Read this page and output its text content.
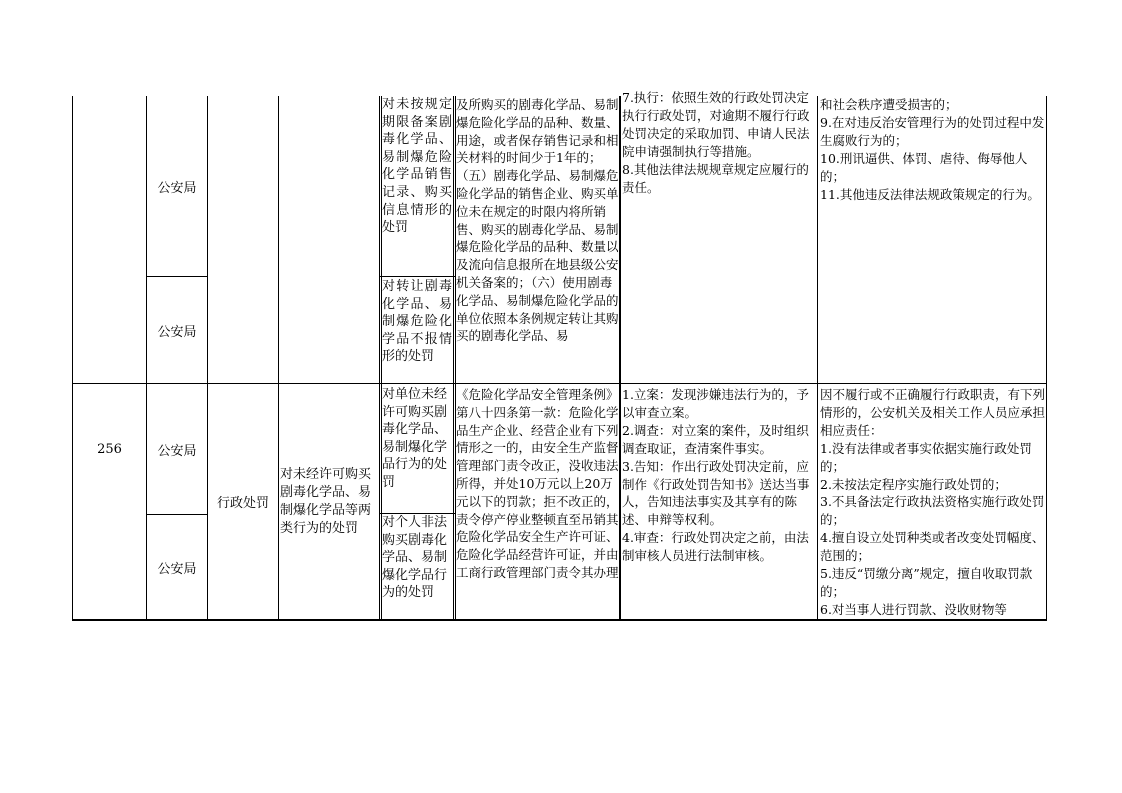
公安局
公安局
对未按规定期限备案剧毒化学品、易制爆危险化学品销售记录、购买信息情形的处罚
对转让剧毒化学品、易制爆危险化学品不报情形的处罚
及所购买的剧毒化学品、易制爆危险化学品的品种、数量、用途，或者保存销售记录和相关材料的时间少于1年的；（五）剧毒化学品、易制爆危险化学品的销售企业、购买单位未在规定的时限内将所销售、购买的剧毒化学品、易制爆危险化学品的品种、数量以及流向信息报所在地县级公安机关备案的；（六）使用剧毒化学品、易制爆危险化学品的单位依照本条例规定转让其购买的剧毒化学品、易
7.执行：依照生效的行政处罚决定执行行政处罚，对逾期不履行行政处罚决定的采取加罚、申请人民法院申请强制执行等措施。
8.其他法律法规规章规定应履行的责任。
和社会秩序遭受损害的；
9.在对违反治安管理行为的处罚过程中发生腐败行为的；
10.刑讯逼供、体罚、虐待、侮辱他人的；
11.其他违反法律法规政策规定的行为。
256	公安局
公安局
行政处罚
对未经许可购买剧毒化学品、易制爆化学品等两类行为的处罚
对单位未经许可购买剧毒化学品、易制爆化学品行为的处罚
对个人非法购买剧毒化学品、易制爆化学品行为的处罚
《危险化学品安全管理条例》第八十四条第一款：危险化学品生产企业、经营企业有下列情形之一的，由安全生产监督管理部门责令改正，没收违法所得，并处10万元以上20万元以下的罚款；拒不改正的，责令停产停业整顿直至吊销其危险化学品安全生产许可证、危险化学品经营许可证，并由工商行政管理部门责令其办理
1.立案：发现涉嫌违法行为的，予以审查立案。
2.调查：对立案的案件，及时组织调查取证，查清案件事实。
3.告知：作出行政处罚决定前，应制作《行政处罚告知书》送达当事人，告知违法事实及其享有的陈述、申辩等权利。
4.审查：行政处罚决定之前，由法制审核人员进行法制审核。
因不履行或不正确履行行政职责，有下列情形的，公安机关及相关工作人员应承担相应责任：
1.没有法律或者事实依据实施行政处罚的；
2.未按法定程序实施行政处罚的；
3.不具备法定行政执法资格实施行政处罚的；
4.擅自设立处罚种类或者改变处罚幅度、范围的；
5.违反“罚缴分离”规定，擅自收取罚款的；
6.对当事人进行罚款、没收财物等
